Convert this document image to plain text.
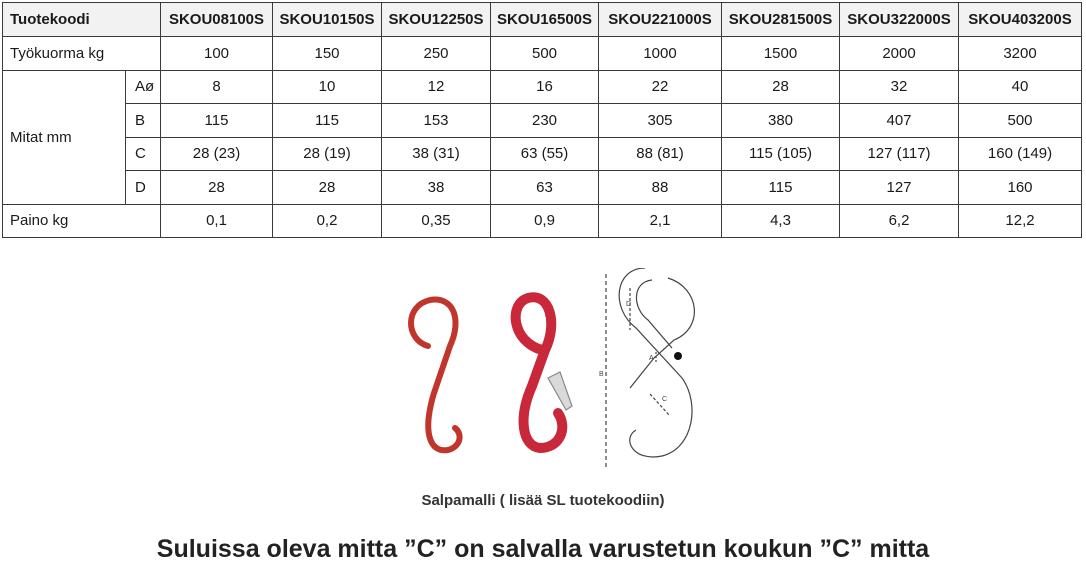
Tuotekoodi		SKOU08100S	SKOU10150S	SKOU12250S	SKOU16500S	SKOU221000S	SKOU281500S	SKOU322000S	SKOU403200S
Työkuorma kg		100	150	250	500	1000	1500	2000	3200
Mitat mm	Aø	8	10	12	16	22	28	32	40
	B	115	115	153	230	305	380	407	500
	C	28 (23)	28 (19)	38 (31)	63 (55)	88 (81)	115 (105)	127 (117)	160 (149)
	D	28	28	38	63	88	115	127	160
Paino kg		0,1	0,2	0,35	0,9	2,1	4,3	6,2	12,2
D
A
B
C
Salpamalli ( lisää SL tuotekoodiin)
Suluissa oleva mitta ”C” on salvalla varustetun koukun ”C” mitta
